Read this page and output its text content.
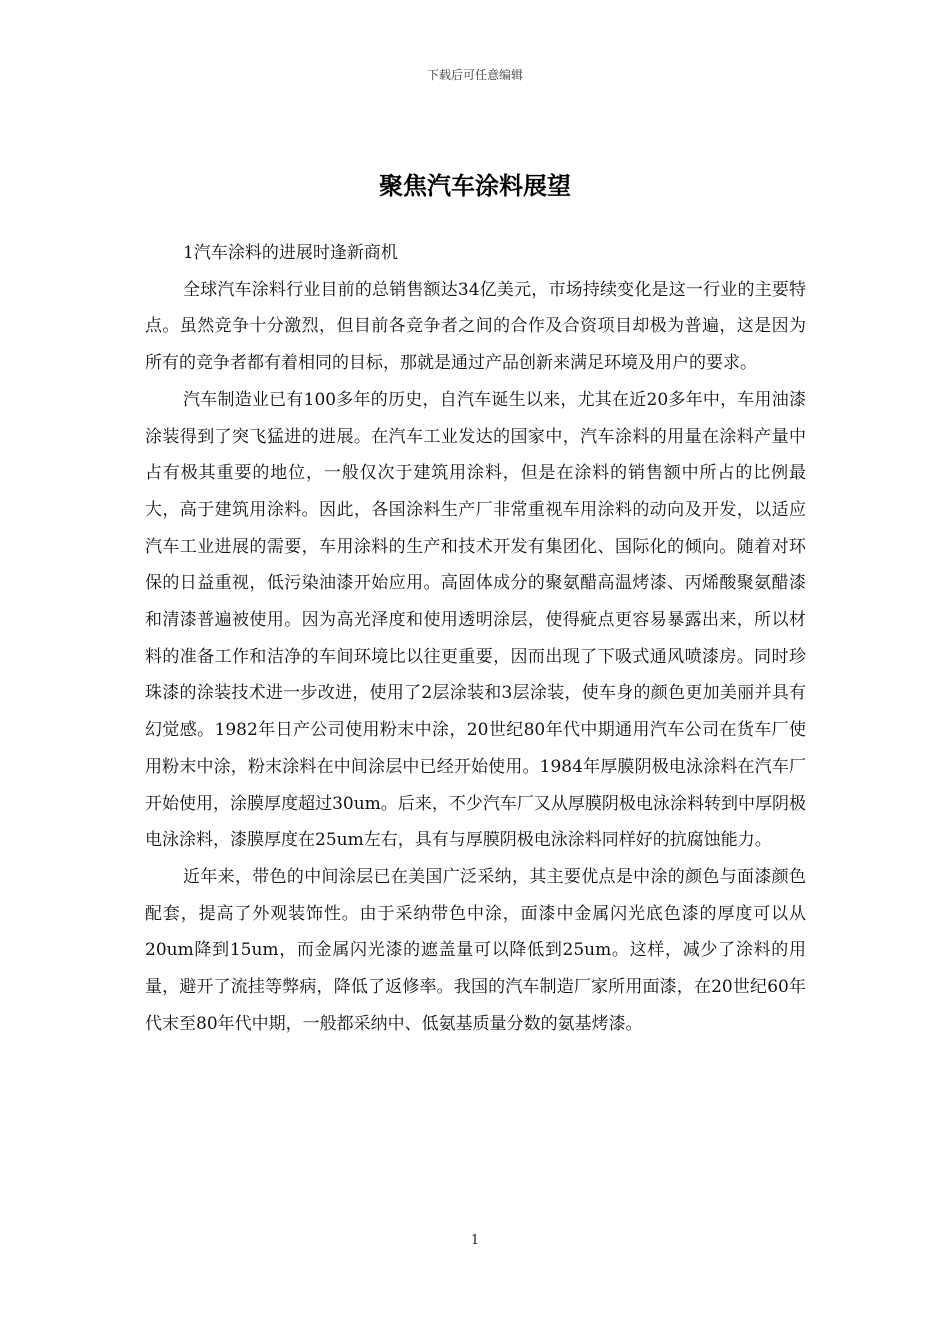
下载后可任意编辑
聚焦汽车涂料展望

1汽车涂料的进展时逢新商机

全球汽车涂料行业目前的总销售额达34亿美元，市场持续变化是这一行业的主要特点。虽然竞争十分激烈，但目前各竞争者之间的合作及合资项目却极为普遍，这是因为所有的竞争者都有着相同的目标，那就是通过产品创新来满足环境及用户的要求。

汽车制造业已有100多年的历史，自汽车诞生以来，尤其在近20多年中，车用油漆涂装得到了突飞猛进的进展。在汽车工业发达的国家中，汽车涂料的用量在涂料产量中占有极其重要的地位，一般仅次于建筑用涂料，但是在涂料的销售额中所占的比例最大，高于建筑用涂料。因此，各国涂料生产厂非常重视车用涂料的动向及开发，以适应汽车工业进展的需要，车用涂料的生产和技术开发有集团化、国际化的倾向。随着对环保的日益重视，低污染油漆开始应用。高固体成分的聚氨醋高温烤漆、丙烯酸聚氨醋漆和清漆普遍被使用。因为高光泽度和使用透明涂层，使得疵点更容易暴露出来，所以材料的准备工作和洁净的车间环境比以往更重要，因而出现了下吸式通风喷漆房。同时珍珠漆的涂装技术进一步改进，使用了2层涂装和3层涂装，使车身的颜色更加美丽并具有幻觉感。1982年日产公司使用粉末中涂，20世纪80年代中期通用汽车公司在货车厂使用粉末中涂，粉末涂料在中间涂层中已经开始使用。1984年厚膜阴极电泳涂料在汽车厂开始使用，涂膜厚度超过30um。后来，不少汽车厂又从厚膜阴极电泳涂料转到中厚阴极电泳涂料，漆膜厚度在25um左右，具有与厚膜阴极电泳涂料同样好的抗腐蚀能力。

近年来，带色的中间涂层已在美国广泛采纳，其主要优点是中涂的颜色与面漆颜色配套，提高了外观装饰性。由于采纳带色中涂，面漆中金属闪光底色漆的厚度可以从20um降到15um，而金属闪光漆的遮盖量可以降低到25um。这样，减少了涂料的用量，避开了流挂等弊病，降低了返修率。我国的汽车制造厂家所用面漆，在20世纪60年代末至80年代中期，一般都采纳中、低氨基质量分数的氨基烤漆。

1
